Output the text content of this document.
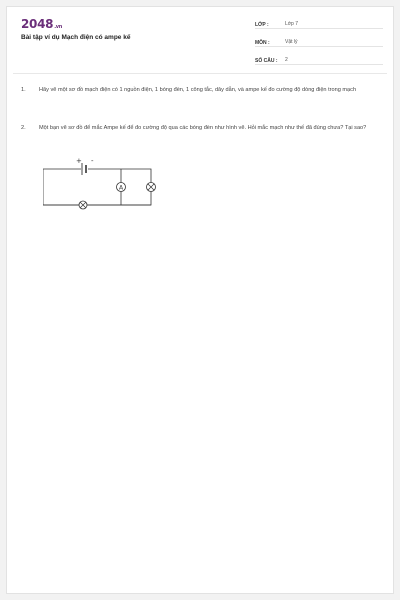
2048.vn
Bài tập ví dụ Mạch điện có ampe kế
LỚP :	Lớp 7
MÔN :	Vật lý
SỐ CÂU :	2
1. Hãy vẽ một sơ đồ mạch điện có 1 nguồn điện, 1 bóng đèn, 1 công tắc, dây dẫn, và ampe kế đo cường độ dòng điện trong mạch
2. Một bạn vẽ sơ đồ để mắc Ampe kế để đo cường độ qua các bóng đèn như hình vẽ. Hỏi mắc mạch như thế đã đúng chưa? Tại sao?
+ -
A
